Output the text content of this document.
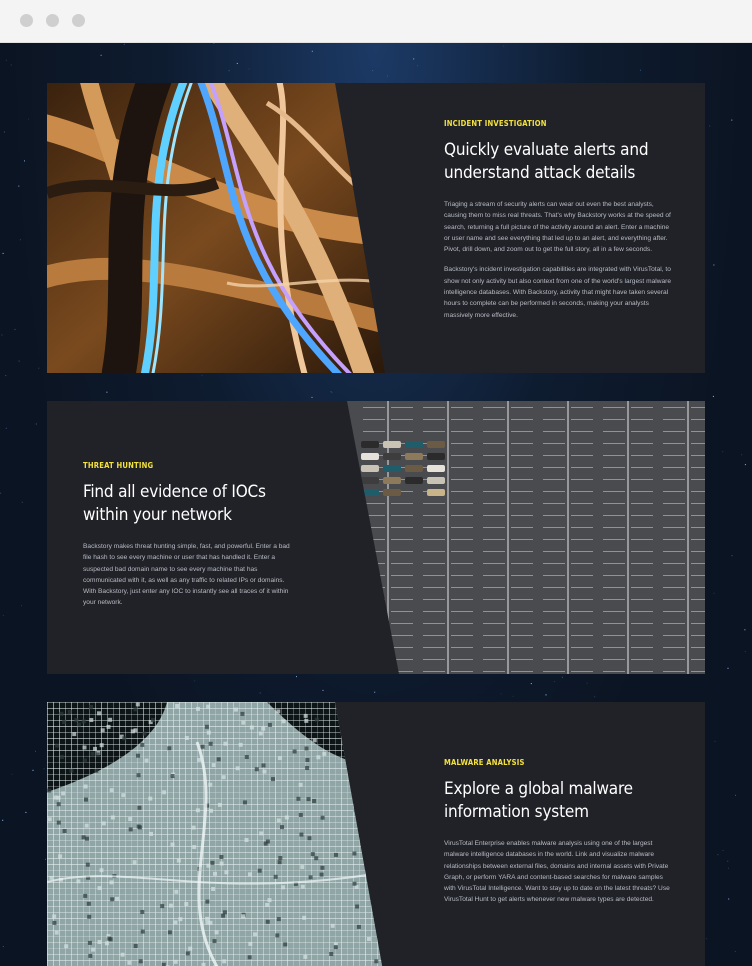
INCIDENT INVESTIGATION

Quickly evaluate alerts and
understand attack details

Triaging a stream of security alerts can wear out even the best analysts, causing them to miss real threats. That's why Backstory works at the speed of search, returning a full picture of the activity around an alert. Enter a machine or user name and see everything that led up to an alert, and everything after. Pivot, drill down, and zoom out to get the full story, all in a few seconds.

Backstory's incident investigation capabilities are integrated with VirusTotal, to show not only activity but also context from one of the world's largest malware intelligence databases. With Backstory, activity that might have taken several hours to complete can be performed in seconds, making your analysts massively more effective.

THREAT HUNTING

Find all evidence of IOCs
within your network

Backstory makes threat hunting simple, fast, and powerful. Enter a bad file hash to see every machine or user that has handled it. Enter a suspected bad domain name to see every machine that has communicated with it, as well as any traffic to related IPs or domains. With Backstory, just enter any IOC to instantly see all traces of it within your network.

MALWARE ANALYSIS

Explore a global malware
information system

VirusTotal Enterprise enables malware analysis using one of the largest malware intelligence databases in the world. Link and visualize malware relationships between external files, domains and internal assets with Private Graph, or perform YARA and content-based searches for malware samples with VirusTotal Intelligence. Want to stay up to date on the latest threats? Use VirusTotal Hunt to get alerts whenever new malware types are detected.
